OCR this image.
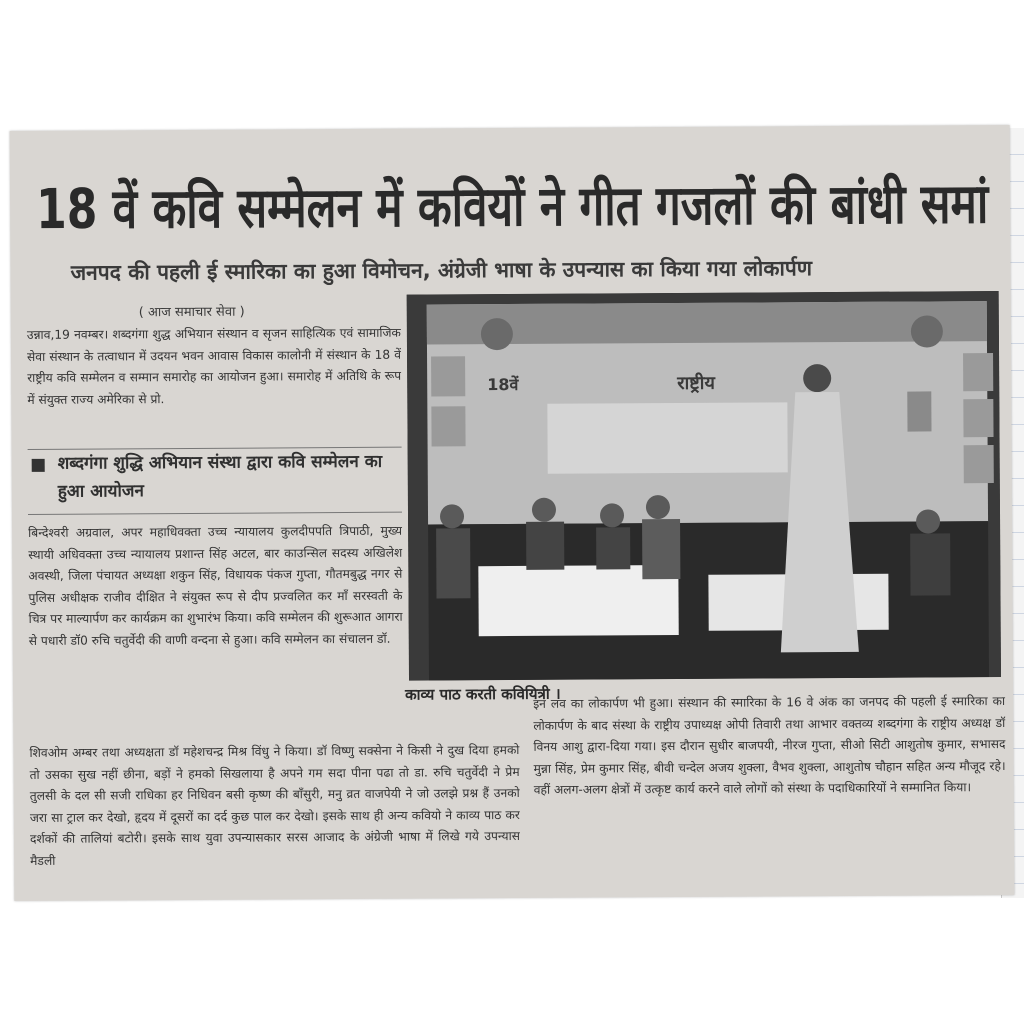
18 वें कवि सम्मेलन में कवियों ने गीत गजलों की बांधी समां
जनपद की पहली ई स्मारिका का हुआ विमोचन, अंग्रेजी भाषा के उपन्यास का किया गया लोकार्पण
( आज समाचार सेवा )
उन्नाव,19 नवम्बर। शब्दगंगा शुद्ध अभियान संस्थान व सृजन साहित्यिक एवं सामाजिक सेवा संस्थान के तत्वाधान में उदयन भवन आवास विकास कालोनी में संस्थान के 18 वें राष्ट्रीय कवि सम्मेलन व सम्मान समारोह का आयोजन हुआ। समारोह में अतिथि के रूप में संयुक्त राज्य अमेरिका से प्रो.
शब्दगंगा शुद्धि अभियान संस्था द्वारा कवि सम्मेलन का हुआ आयोजन
बिन्देश्वरी अग्रवाल, अपर महाधिवक्ता उच्च न्यायालय कुलदीपपति त्रिपाठी, मुख्य स्थायी अधिवक्ता उच्च न्यायालय प्रशान्त सिंह अटल, बार काउन्सिल सदस्य अखिलेश अवस्थी, जिला पंचायत अध्यक्षा शकुन सिंह, विधायक पंकज गुप्ता, गौतमबुद्ध नगर से पुलिस अधीक्षक राजीव दीक्षित ने संयुक्त रूप से दीप प्रज्वलित कर माँ सरस्वती के चित्र पर माल्यार्पण कर कार्यक्रम का शुभारंभ किया। कवि सम्मेलन की शुरूआत आगरा से पधारी डॉ0 रुचि चतुर्वेदी की वाणी वन्दना से हुआ। कवि सम्मेलन का संचालन डॉ.
18वें	राष्ट्रीय
काव्य पाठ करती कवियित्री ।
शिवओम अम्बर तथा अध्यक्षता डॉ महेशचन्द्र मिश्र विंधु ने किया। डॉ विष्णु सक्सेना ने किसी ने दुख दिया हमको तो उसका सुख नहीं छीना, बड़ों ने हमको सिखलाया है अपने गम सदा पीना पढा तो डा. रुचि चतुर्वेदी ने प्रेम तुलसी के दल सी सजी राधिका हर निधिवन बसी कृष्ण की बाँसुरी, मनु व्रत वाजपेयी ने जो उलझे प्रश्न हैं उनको जरा सा ट्राल कर देखो, हृदय में दूसरों का दर्द कुछ पाल कर देखो। इसके साथ ही अन्य कवियो ने काव्य पाठ कर दर्शकों की तालियां बटोरी। इसके साथ युवा उपन्यासकार सरस आजाद के अंग्रेजी भाषा में लिखे गये उपन्यास मैडली
इन लव का लोकार्पण भी हुआ। संस्थान की स्मारिका के 16 वे अंक का जनपद की पहली ई स्मारिका का लोकार्पण के बाद संस्था के राष्ट्रीय उपाध्यक्ष ओपी तिवारी तथा आभार वक्तव्य शब्दगंगा के राष्ट्रीय अध्यक्ष डॉ विनय आशु द्वारा-दिया गया। इस दौरान सुधीर बाजपयी, नीरज गुप्ता, सीओ सिटी आशुतोष कुमार, सभासद मुन्ना सिंह, प्रेम कुमार सिंह, बीवी चन्देल अजय शुक्ला, वैभव शुक्ला, आशुतोष चौहान सहित अन्य मौजूद रहे। वहीं अलग-अलग क्षेत्रों में उत्कृष्ट कार्य करने वाले लोगों को संस्था के पदाधिकारियों ने सम्मानित किया।
